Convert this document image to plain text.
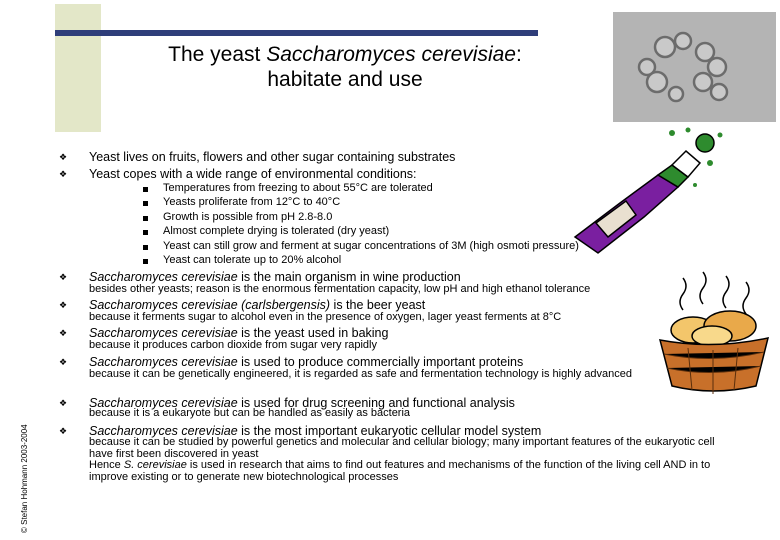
The yeast Saccharomyces cerevisiae:
habitate and use
© Stefan Hohmann 2003-2004
❖ Yeast lives on fruits, flowers and other sugar containing substrates
❖ Yeast copes with a wide range of environmental conditions:
Temperatures from freezing to about 55°C are tolerated
Yeasts proliferate from 12°C to 40°C
Growth is possible from pH 2.8-8.0
Almost complete drying is tolerated (dry yeast)
Yeast can still grow and ferment at sugar concentrations of 3M (high osmoti pressure)
Yeast can tolerate up to 20% alcohol
❖ Saccharomyces cerevisiae is the main organism in wine production
besides other yeasts; reason is the enormous fermentation capacity, low pH and high ethanol tolerance
❖ Saccharomyces cerevisiae (carlsbergensis) is the beer yeast
because it ferments sugar to alcohol even in the presence of oxygen, lager yeast ferments at 8°C
❖ Saccharomyces cerevisiae is the yeast used in baking
because it produces carbon dioxide from sugar very rapidly
❖ Saccharomyces cerevisiae is used to produce commercially important proteins
because it can be genetically engineered, it is regarded as safe and fermentation technology is highly advanced
❖ Saccharomyces cerevisiae is used for drug screening and functional analysis
because it is a eukaryote but can be handled as easily as bacteria
❖ Saccharomyces cerevisiae is the most important eukaryotic cellular model system
because it can be studied by powerful genetics and molecular and cellular biology; many important features of the eukaryotic cell have first been discovered in yeast
Hence S. cerevisiae is used in research that aims to find out features and mechanisms of the function of the living cell AND in to improve existing or to generate new biotechnological processes
